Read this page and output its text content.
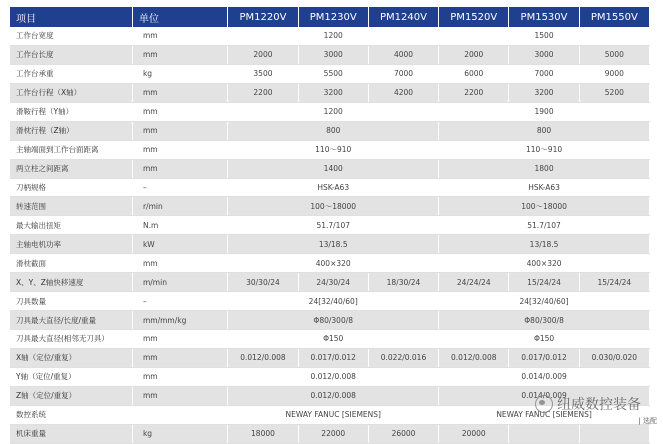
项目	单位	PM1220V	PM1230V	PM1240V	PM1520V	PM1530V	PM1550V
工作台宽度	mm	1200			1500		
工作台长度	mm	2000	3000	4000	2000	3000	5000
工作台承重	kg	3500	5500	7000	6000	7000	9000
工作台行程（X轴）	mm	2200	3200	4200	2200	3200	5200
滑鞍行程（Y轴）	mm	1200			1900		
滑枕行程（Z轴）	mm	800			800		
主轴端面到工作台面距离	mm	110～910			110～910		
两立柱之间距离	mm	1400			1800		
刀柄规格	–	HSK-A63			HSK-A63		
转速范围	r/min	100～18000			100～18000		
最大输出扭矩	N.m	51.7/107			51.7/107		
主轴电机功率	kW	13/18.5			13/18.5		
滑枕截面	mm	400×320			400×320		
X、Y、Z轴快移速度	m/min	30/30/24	24/30/24	18/30/24	24/24/24	15/24/24	15/24/24
刀具数量	–	24[32/40/60]			24[32/40/60]		
刀具最大直径/长度/重量	mm/mm/kg	Φ80/300/8			Φ80/300/8		
刀具最大直径(相邻无刀具）	mm	Φ150			Φ150		
X轴（定位/重复）	mm	0.012/0.008	0.017/0.012	0.022/0.016	0.012/0.008	0.017/0.012	0.030/0.020
Y轴（定位/重复）	mm	0.012/0.008			0.014/0.009		
Z轴（定位/重复）	mm	0.012/0.008			0.014/0.009		
数控系统		NEWAY FANUC [SIEMENS]			NEWAY FANUC [SIEMENS]		
机床重量	kg	18000	22000	26000	20000		
纽威数控装备
| 选配
